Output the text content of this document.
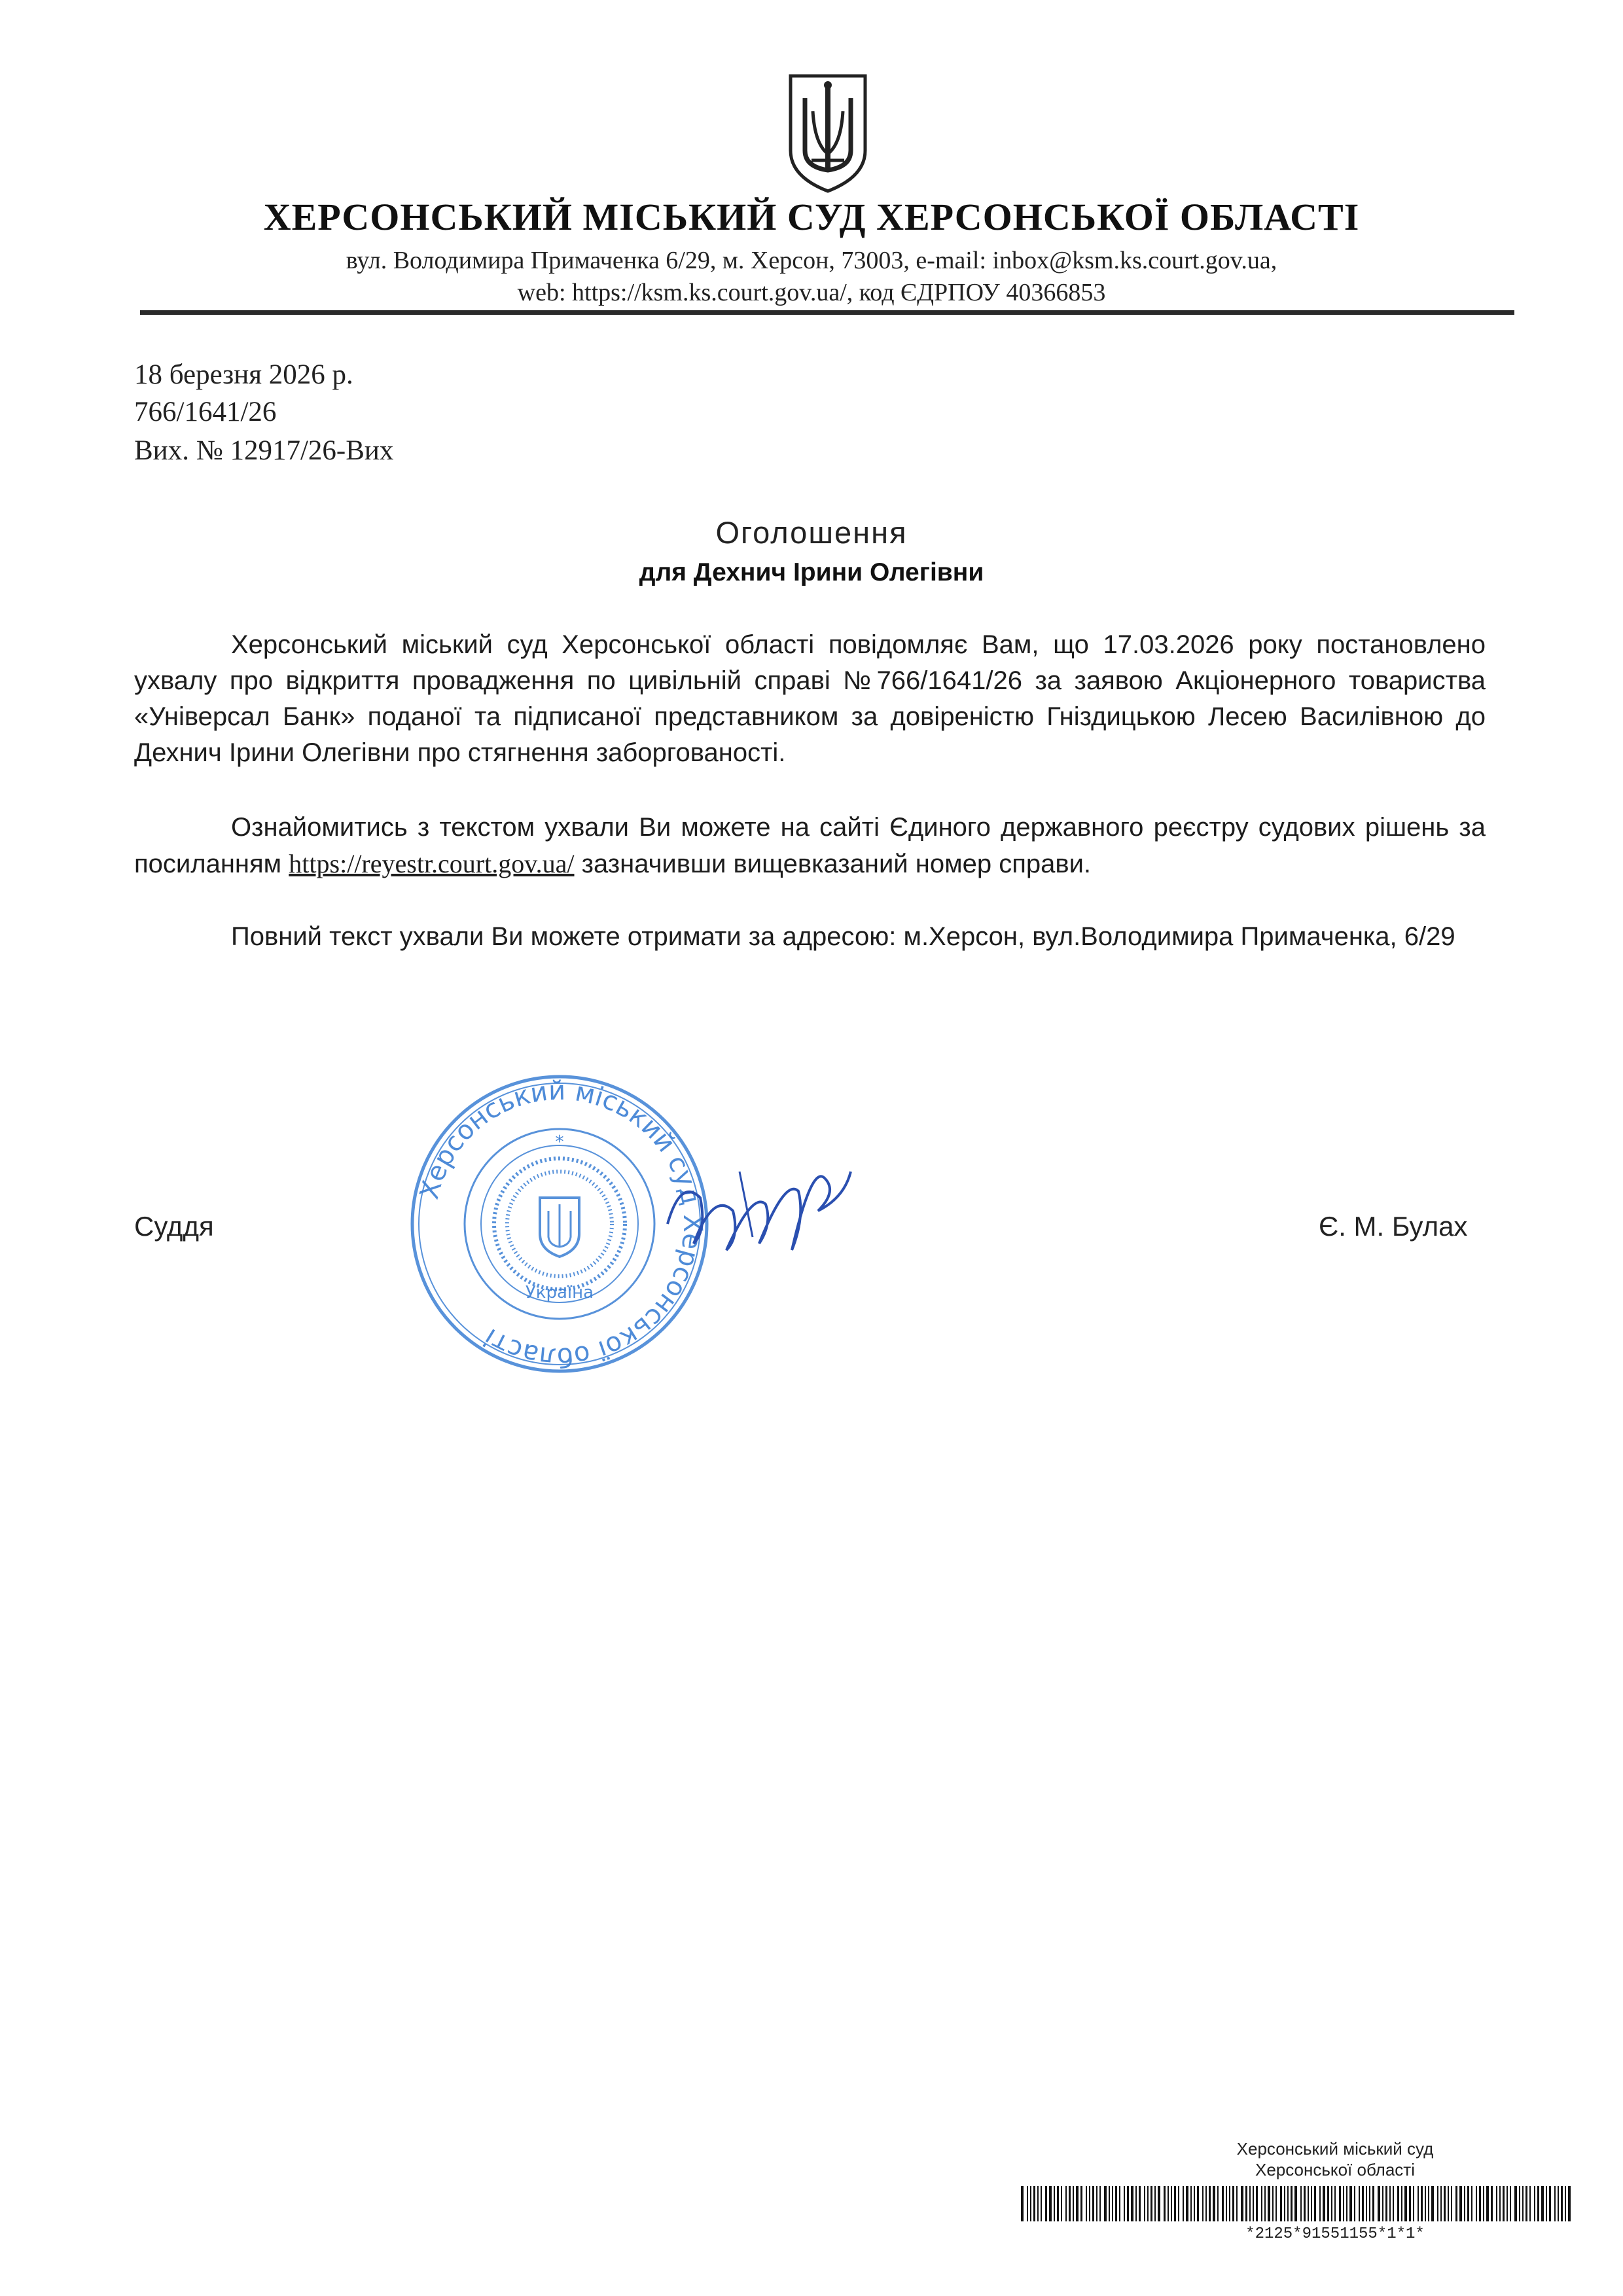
ХЕРСОНСЬКИЙ МІСЬКИЙ СУД ХЕРСОНСЬКОЇ ОБЛАСТІ
вул. Володимира Примаченка 6/29, м. Херсон, 73003, e-mail: inbox@ksm.ks.court.gov.ua,
web: https://ksm.ks.court.gov.ua/, код ЄДРПОУ 40366853
18 березня 2026 р.
766/1641/26
Вих. № 12917/26-Вих
Оголошення
для Дехнич Ірини Олегівни
Херсонський міський суд Херсонської області повідомляє Вам, що 17.03.2026 року постановлено ухвалу про відкриття провадження по цивільній справі №766/1641/26 за заявою Акціонерного товариства «Універсал Банк» поданої та підписаної представником за довіреністю Гніздицькою Лесею Василівною до Дехнич Ірини Олегівни про стягнення заборгованості.
Ознайомитись з текстом ухвали Ви можете на сайті Єдиного державного реєстру судових рішень за посиланням https://reyestr.court.gov.ua/ зазначивши вищевказаний номер справи.
Повний текст ухвали Ви можете отримати за адресою: м.Херсон, вул.Володимира Примаченка, 6/29
Суддя	Є. М. Булах
Херсонський міський суд Херсонської області
Україна
*
Херсонський міський суд
Херсонської області
*2125*91551155*1*1*
